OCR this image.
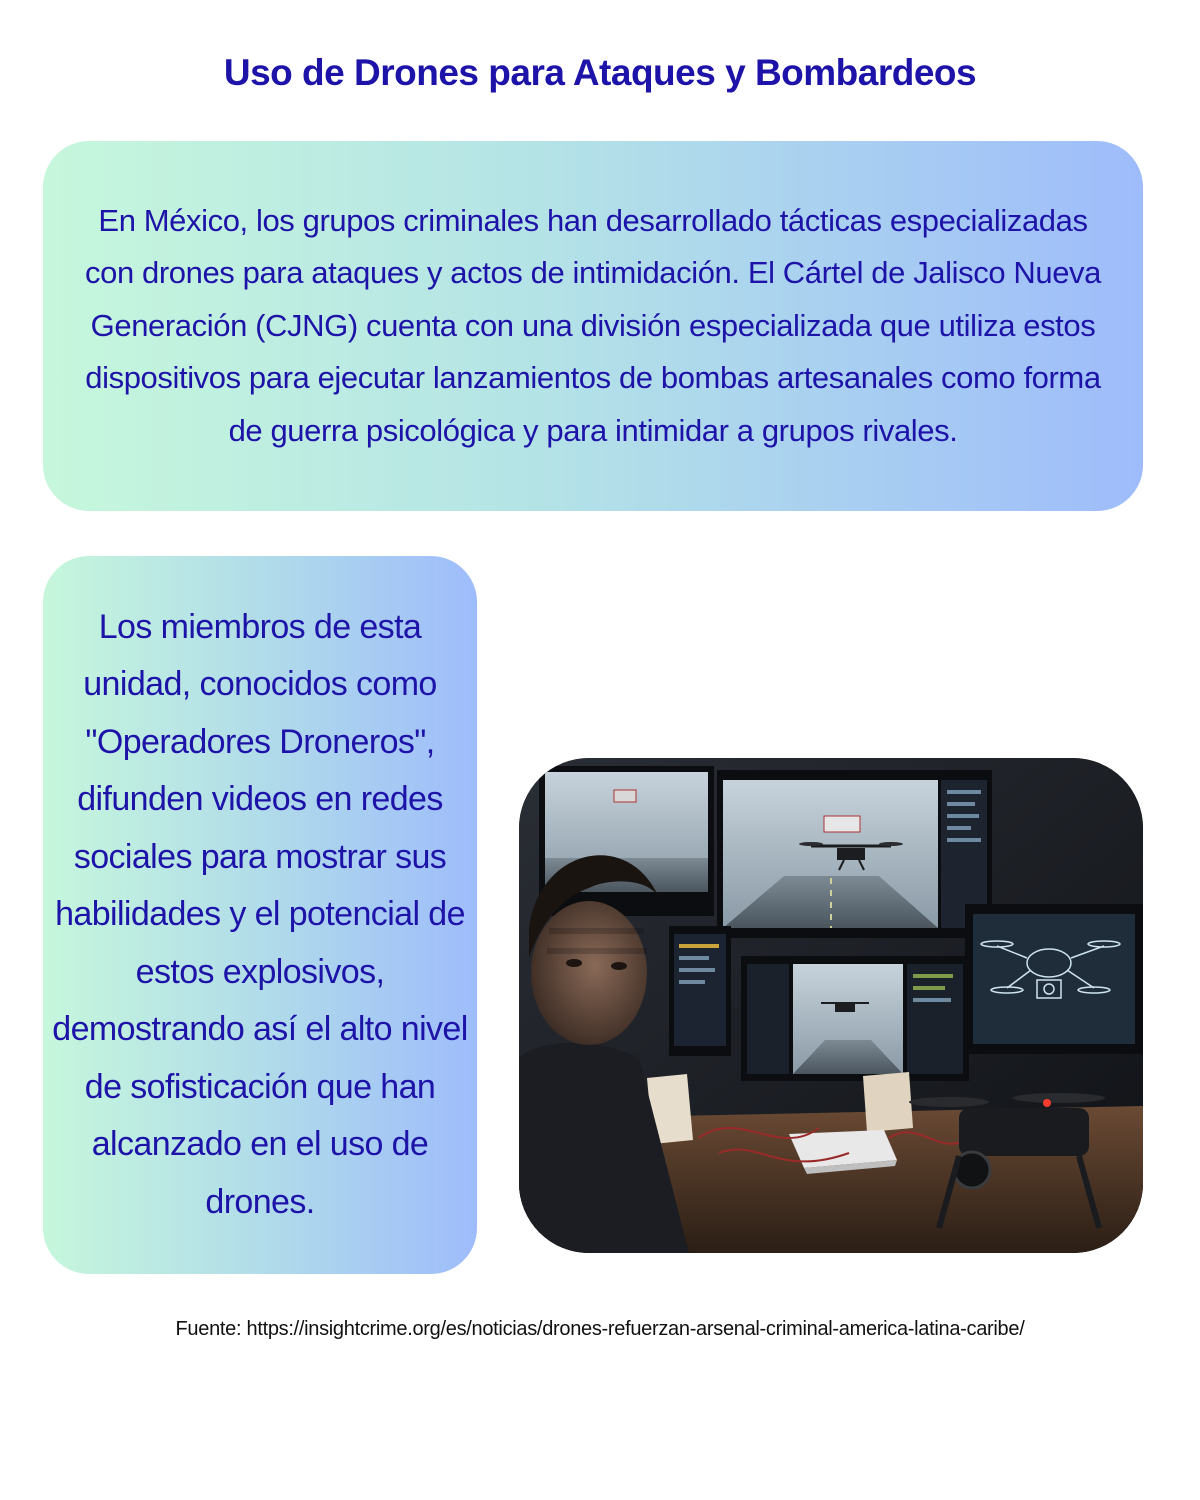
Uso de Drones para Ataques y Bombardeos

En México, los grupos criminales han desarrollado tácticas especializadas con drones para ataques y actos de intimidación. El Cártel de Jalisco Nueva Generación (CJNG) cuenta con una división especializada que utiliza estos dispositivos para ejecutar lanzamientos de bombas artesanales como forma de guerra psicológica y para intimidar a grupos rivales.

Los miembros de esta unidad, conocidos como "Operadores Droneros", difunden videos en redes sociales para mostrar sus habilidades y el potencial de estos explosivos, demostrando así el alto nivel de sofisticación que han alcanzado en el uso de drones.

Fuente: https://insightcrime.org/es/noticias/drones-refuerzan-arsenal-criminal-america-latina-caribe/
